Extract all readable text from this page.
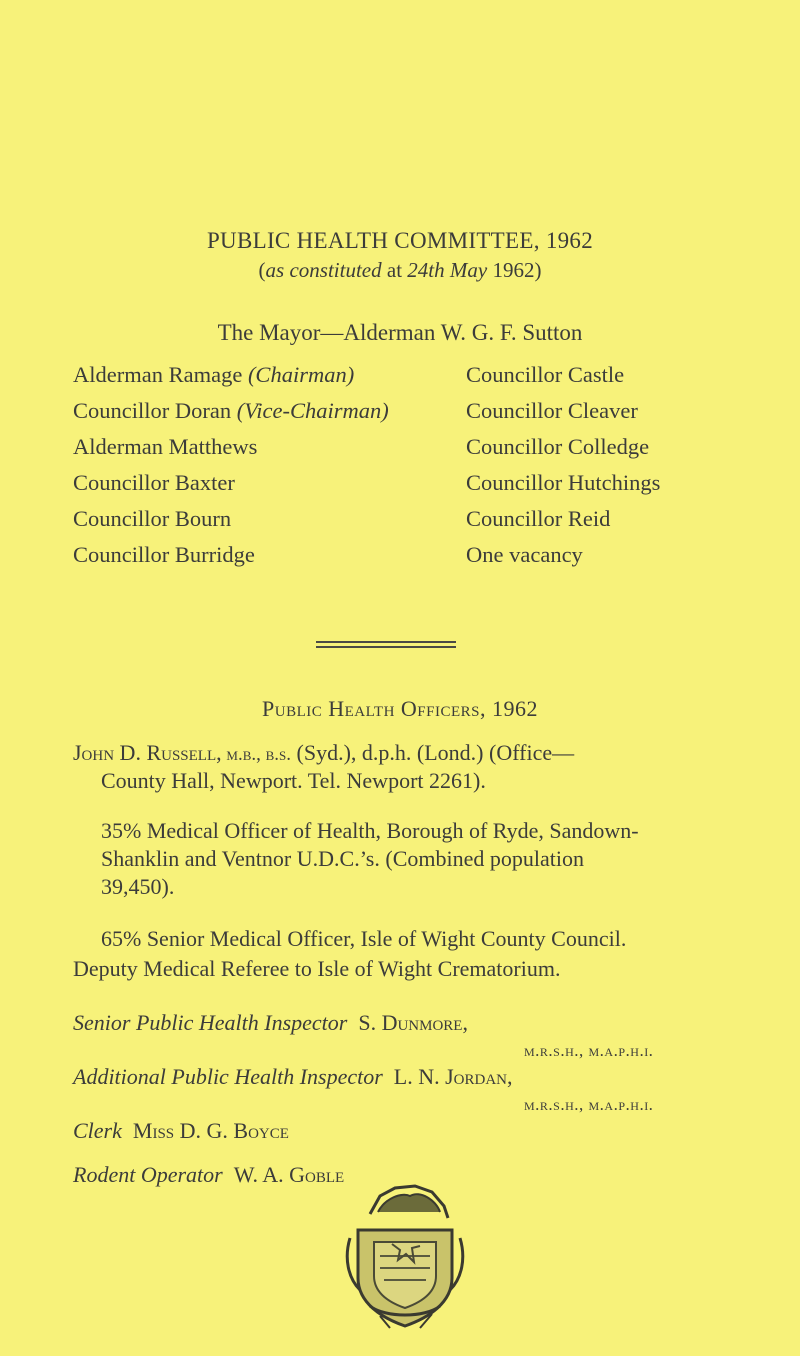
PUBLIC HEALTH COMMITTEE, 1962
(as constituted at 24th May 1962)
The Mayor—Alderman W. G. F. Sutton
Alderman Ramage (Chairman)
Councillor Doran (Vice-Chairman)
Alderman Matthews
Councillor Baxter
Councillor Bourn
Councillor Burridge
Councillor Castle
Councillor Cleaver
Councillor Colledge
Councillor Hutchings
Councillor Reid
One vacancy
Public Health Officers, 1962
John D. Russell, m.b., b.s. (Syd.), d.p.h. (Lond.) (Office—
County Hall, Newport. Tel. Newport 2261).
35% Medical Officer of Health, Borough of Ryde, Sandown-
Shanklin and Ventnor U.D.C.’s. (Combined population
39,450).
65% Senior Medical Officer, Isle of Wight County Council.
Deputy Medical Referee to Isle of Wight Crematorium.
Senior Public Health Inspector S. Dunmore,
m.r.s.h., m.a.p.h.i.
Additional Public Health Inspector L. N. Jordan,
m.r.s.h., m.a.p.h.i.
Clerk Miss D. G. Boyce
Rodent Operator W. A. Goble
